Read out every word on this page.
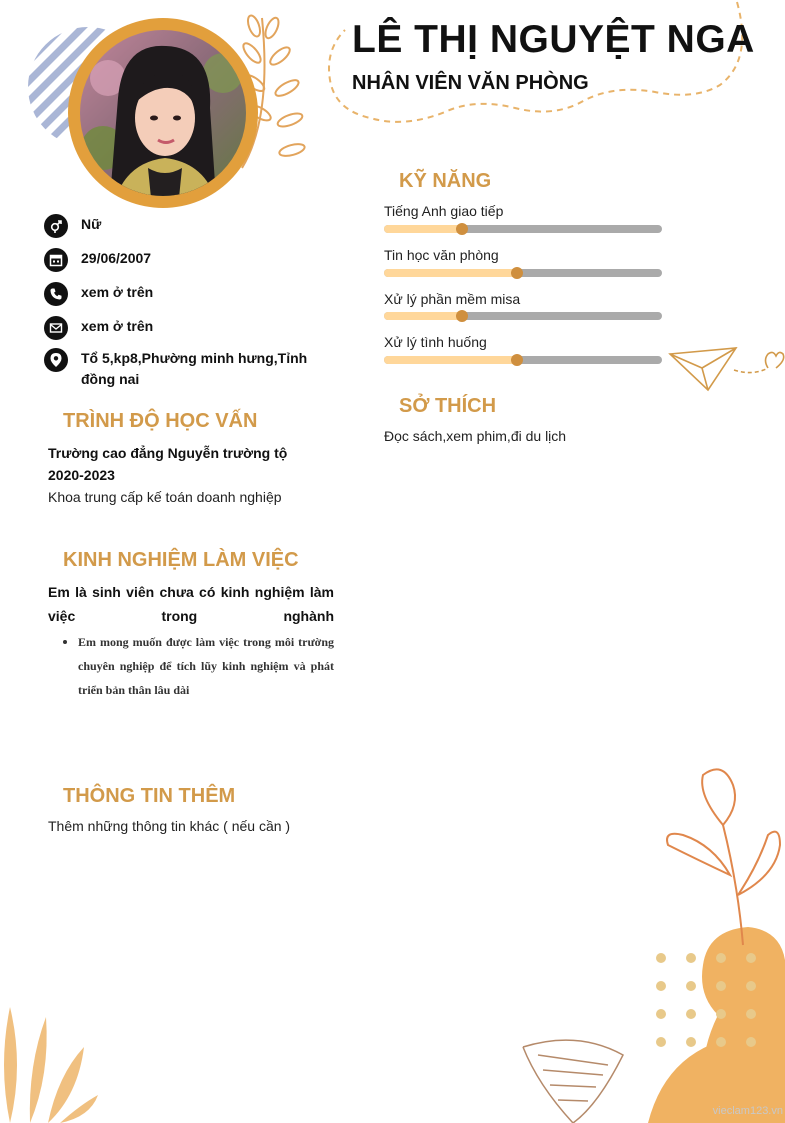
LÊ THỊ NGUYỆT NGA
NHÂN VIÊN VĂN PHÒNG
Nữ
29/06/2007
xem ở trên
xem ở trên
Tổ 5,kp8,Phường minh hưng,Tỉnh đồng nai
TRÌNH ĐỘ HỌC VẤN
Trường cao đẳng Nguyễn trường tộ
2020-2023
Khoa trung cấp kế toán doanh nghiệp
KINH NGHIỆM LÀM VIỆC
Em là sinh viên chưa có kinh nghiệm làm việc trong nghành
Em mong muốn được làm việc trong môi trường chuyên nghiệp để tích lũy kinh nghiệm và phát triển bản thân lâu dài
THÔNG TIN THÊM
Thêm những thông tin khác ( nếu cần )
KỸ NĂNG
Tiếng Anh giao tiếp
Tin học văn phòng
Xử lý phần mềm misa
Xử lý tình huống
SỞ THÍCH
Đọc sách,xem phim,đi du lịch
vieclam123.vn
